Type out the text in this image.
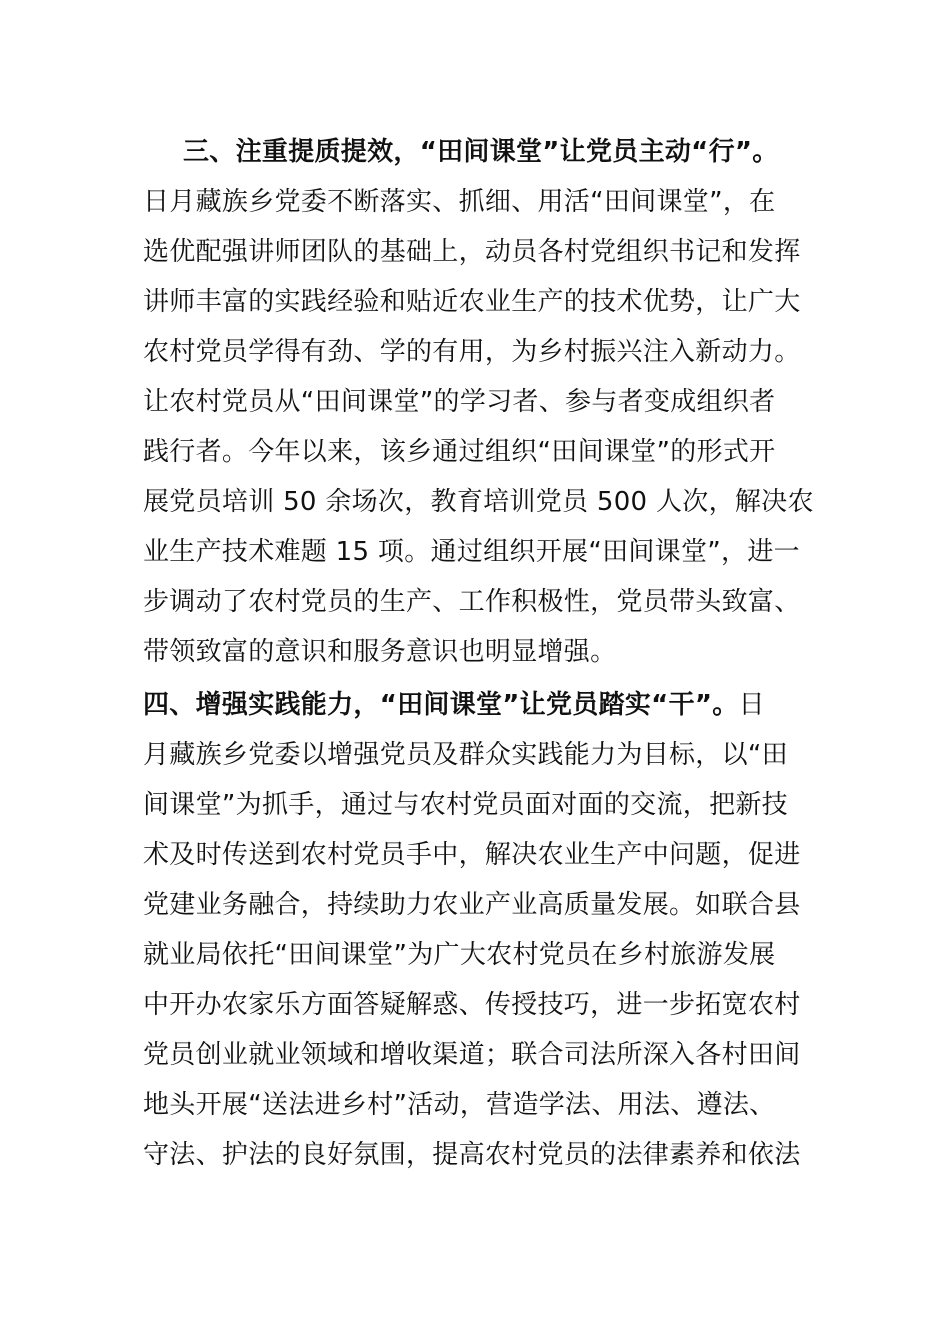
三、注重提质提效，“田间课堂”让党员主动“行”。
日月藏族乡党委不断落实、抓细、用活“田间课堂”，在
选优配强讲师团队的基础上，动员各村党组织书记和发挥
讲师丰富的实践经验和贴近农业生产的技术优势，让广大
农村党员学得有劲、学的有用，为乡村振兴注入新动力。
让农村党员从“田间课堂”的学习者、参与者变成组织者
践行者。今年以来，该乡通过组织“田间课堂”的形式开
展党员培训 50 余场次，教育培训党员 500 人次，解决农
业生产技术难题 15 项。通过组织开展“田间课堂”，进一
步调动了农村党员的生产、工作积极性，党员带头致富、
带领致富的意识和服务意识也明显增强。
四、增强实践能力，“田间课堂”让党员踏实“干”。日
月藏族乡党委以增强党员及群众实践能力为目标，以“田
间课堂”为抓手，通过与农村党员面对面的交流，把新技
术及时传送到农村党员手中，解决农业生产中问题，促进
党建业务融合，持续助力农业产业高质量发展。如联合县
就业局依托“田间课堂”为广大农村党员在乡村旅游发展
中开办农家乐方面答疑解惑、传授技巧，进一步拓宽农村
党员创业就业领域和增收渠道；联合司法所深入各村田间
地头开展“送法进乡村”活动，营造学法、用法、遵法、
守法、护法的良好氛围，提高农村党员的法律素养和依法
